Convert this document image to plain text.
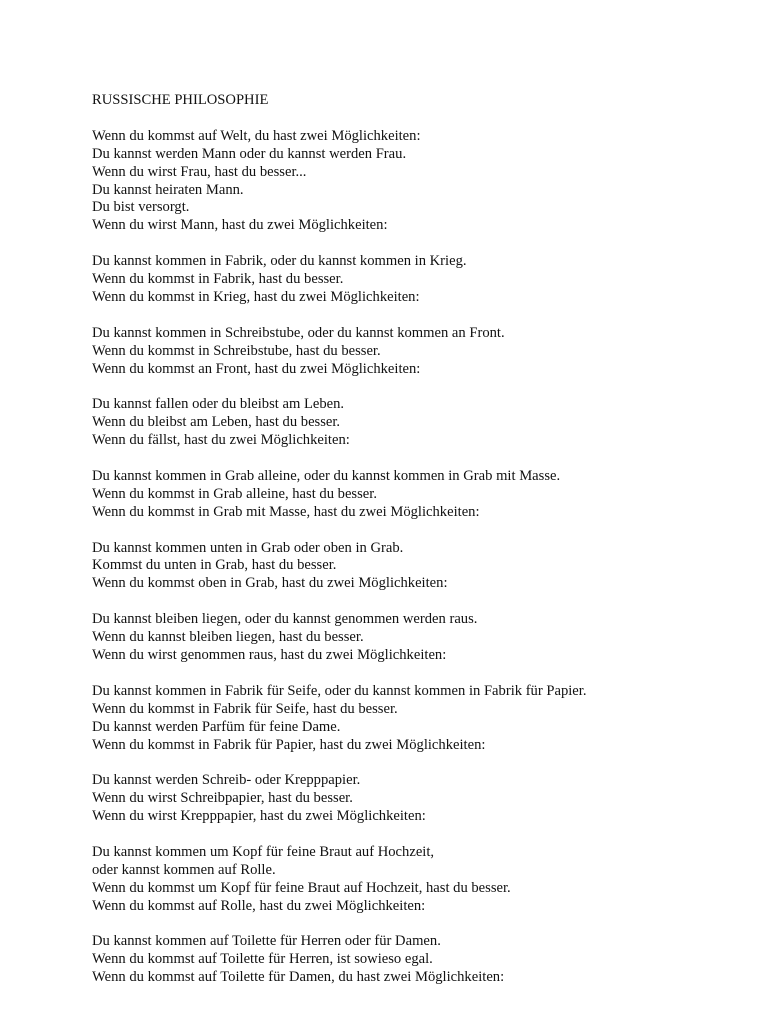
RUSSISCHE PHILOSOPHIE
Wenn du kommst auf Welt, du hast zwei Möglichkeiten:
Du kannst werden Mann oder du kannst werden Frau.
Wenn du wirst Frau, hast du besser...
Du kannst heiraten Mann.
Du bist versorgt.
Wenn du wirst Mann, hast du zwei Möglichkeiten:
Du kannst kommen in Fabrik, oder du kannst kommen in Krieg.
Wenn du kommst in Fabrik, hast du besser.
Wenn du kommst in Krieg, hast du zwei Möglichkeiten:
Du kannst kommen in Schreibstube, oder du kannst kommen an Front.
Wenn du kommst in Schreibstube, hast du besser.
Wenn du kommst an Front, hast du zwei Möglichkeiten:
Du kannst fallen oder du bleibst am Leben.
Wenn du bleibst am Leben, hast du besser.
Wenn du fällst, hast du zwei Möglichkeiten:
Du kannst kommen in Grab alleine, oder du kannst kommen in Grab mit Masse.
Wenn du kommst in Grab alleine, hast du besser.
Wenn du kommst in Grab mit Masse, hast du zwei Möglichkeiten:
Du kannst kommen unten in Grab oder oben in Grab.
Kommst du unten in Grab, hast du besser.
Wenn du kommst oben in Grab, hast du zwei Möglichkeiten:
Du kannst bleiben liegen, oder du kannst genommen werden raus.
Wenn du kannst bleiben liegen, hast du besser.
Wenn du wirst genommen raus, hast du zwei Möglichkeiten:
Du kannst kommen in Fabrik für Seife, oder du kannst kommen in Fabrik für Papier.
Wenn du kommst in Fabrik für Seife, hast du besser.
Du kannst werden Parfüm für feine Dame.
Wenn du kommst in Fabrik für Papier, hast du zwei Möglichkeiten:
Du kannst werden Schreib- oder Krepppapier.
Wenn du wirst Schreibpapier, hast du besser.
Wenn du wirst Krepppapier, hast du zwei Möglichkeiten:
Du kannst kommen um Kopf für feine Braut auf Hochzeit,
oder kannst kommen auf Rolle.
Wenn du kommst um Kopf für feine Braut auf Hochzeit, hast du besser.
Wenn du kommst auf Rolle, hast du zwei Möglichkeiten:
Du kannst kommen auf Toilette für Herren oder für Damen.
Wenn du kommst auf Toilette für Herren, ist sowieso egal.
Wenn du kommst auf Toilette für Damen, du hast zwei Möglichkeiten:
